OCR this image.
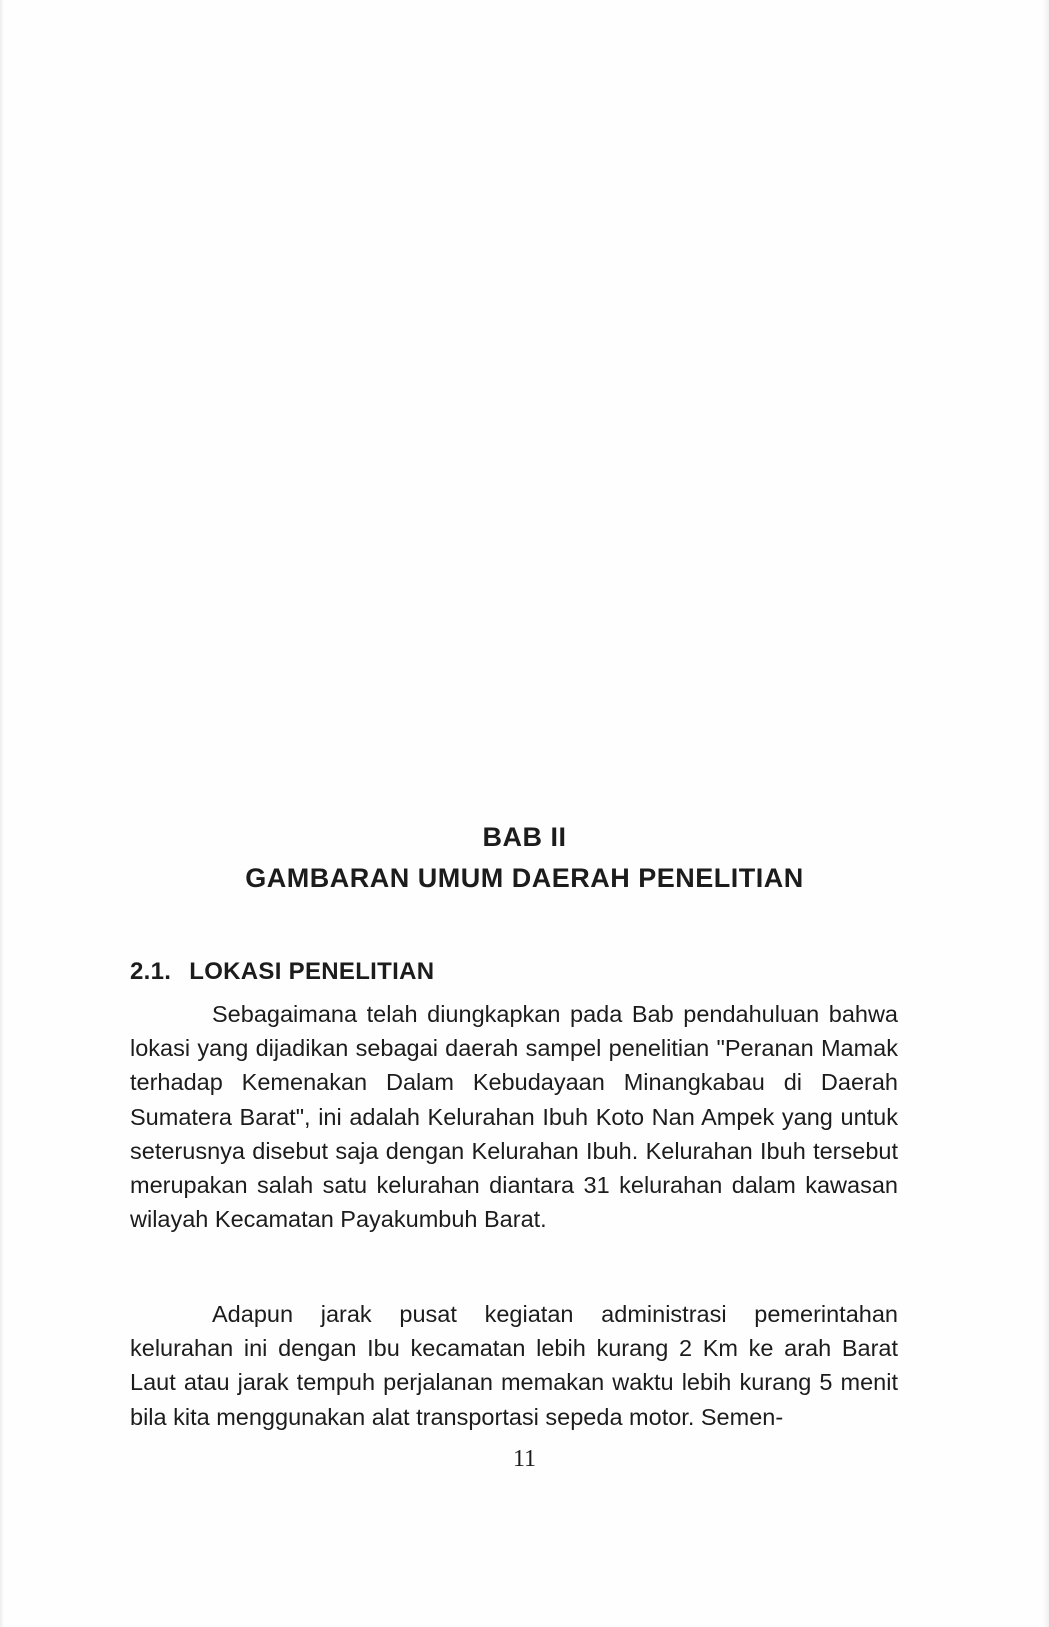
BAB II
GAMBARAN UMUM DAERAH PENELITIAN
2.1. LOKASI PENELITIAN

Sebagaimana telah diungkapkan pada Bab pendahuluan bahwa lokasi yang dijadikan sebagai daerah sampel penelitian "Peranan Mamak terhadap Kemenakan Dalam Kebudayaan Minangkabau di Daerah Sumatera Barat", ini adalah Kelurahan Ibuh Koto Nan Ampek yang untuk seterusnya disebut saja dengan Kelurahan Ibuh. Kelurahan Ibuh tersebut merupakan salah satu kelurahan diantara 31 kelurahan dalam kawasan wilayah Kecamatan Payakumbuh Barat.

Adapun jarak pusat kegiatan administrasi pemerintahan kelurahan ini dengan Ibu kecamatan lebih kurang 2 Km ke arah Barat Laut atau jarak tempuh perjalanan memakan waktu lebih kurang 5 menit bila kita menggunakan alat transportasi sepeda motor. Semen-

11
